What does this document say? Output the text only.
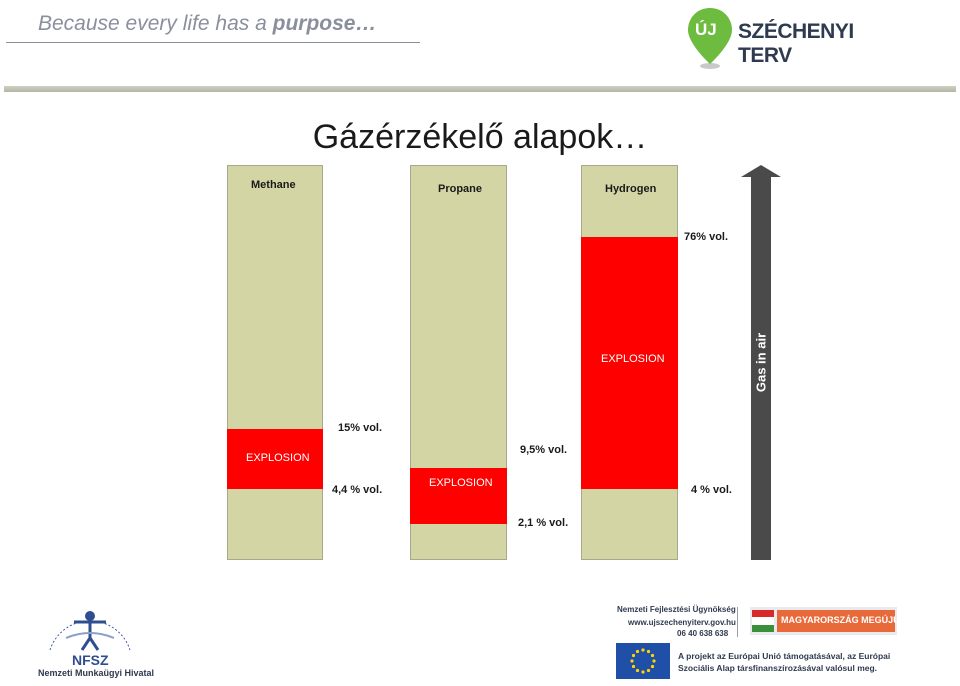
Because every life has a purpose…	ÚJ SZÉCHENYI TERV
Gázérzékelő alapok…
Methane
EXPLOSION
15% vol.
4,4 % vol.
Propane
EXPLOSION
9,5% vol.
2,1 % vol.
Hydrogen
EXPLOSION
76% vol.
4 % vol.
Gas in air
NFSZ
Nemzeti Munkaügyi Hivatal
Nemzeti Fejlesztési Ügynökség
www.ujszechenyiterv.gov.hu
06 40 638 638
MAGYARORSZÁG MEGÚJUL
A projekt az Európai Unió támogatásával, az Európai
Szociális Alap társfinanszírozásával valósul meg.
